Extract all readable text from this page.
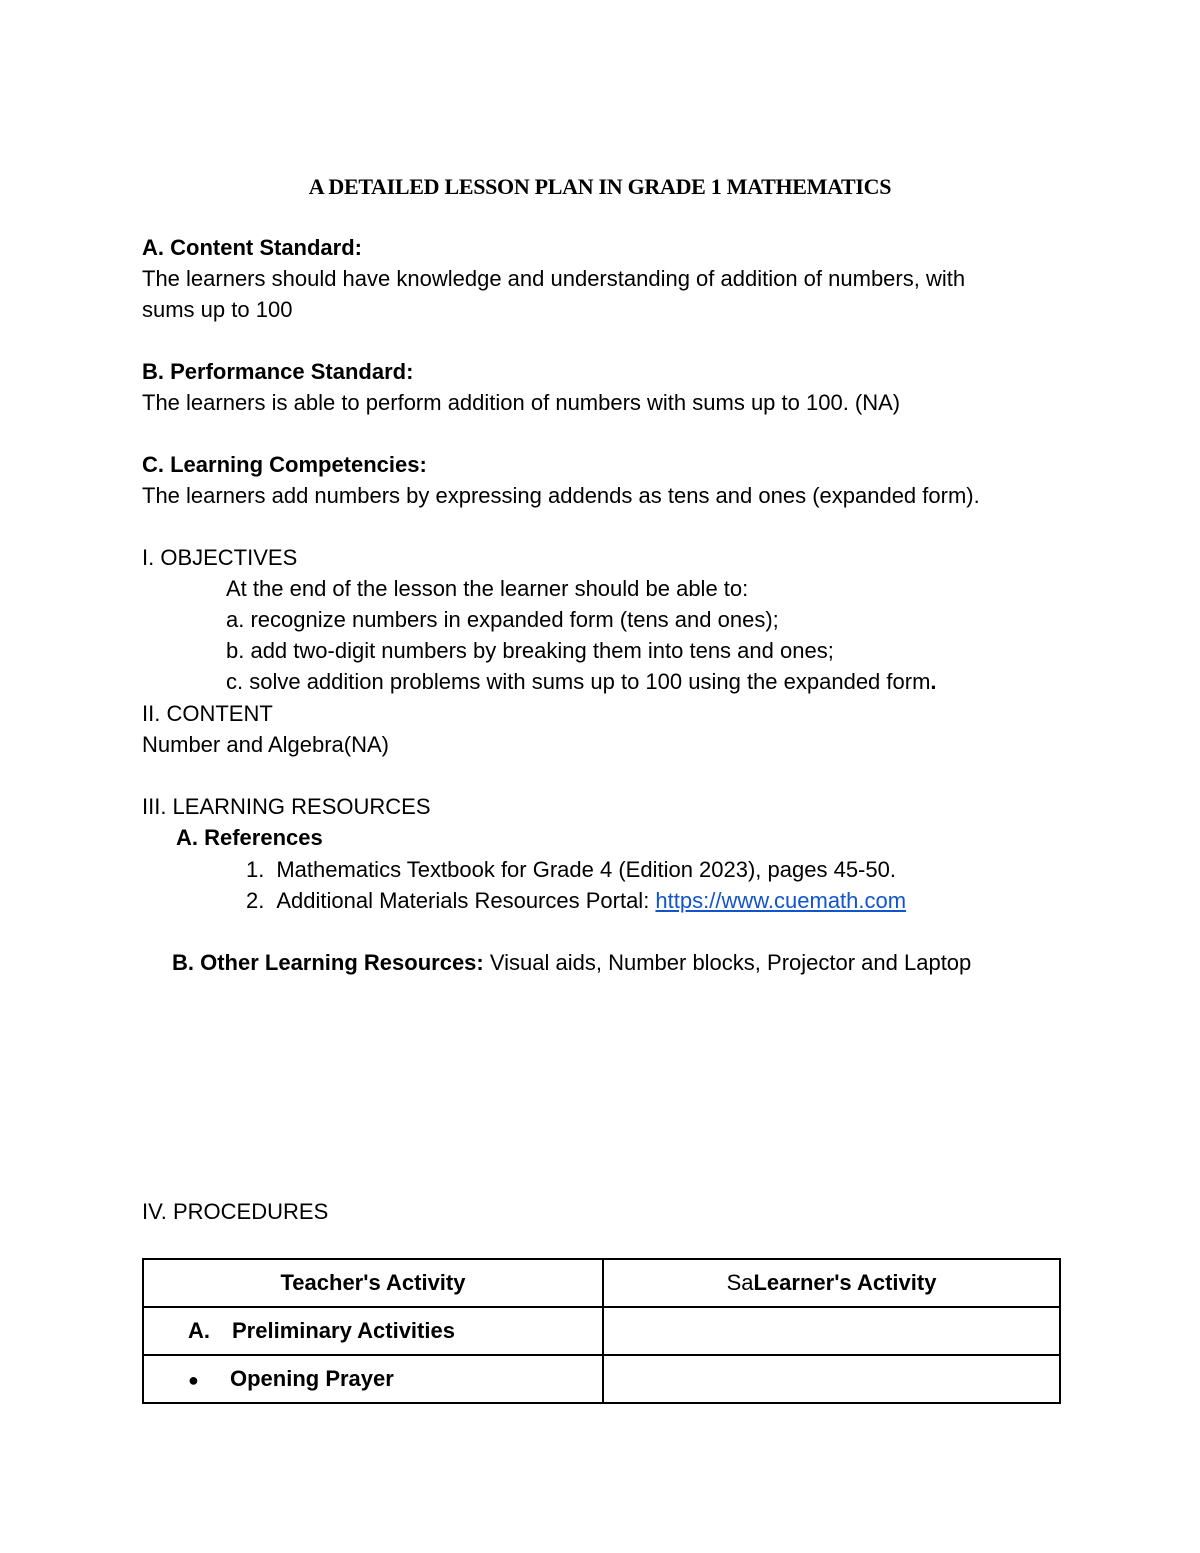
A DETAILED LESSON PLAN IN GRADE 1 MATHEMATICS
A. Content Standard:
The learners should have knowledge and understanding of addition of numbers, with
sums up to 100
B. Performance Standard:
The learners is able to perform addition of numbers with sums up to 100. (NA)
C. Learning Competencies:
The learners add numbers by expressing addends as tens and ones (expanded form).
I. OBJECTIVES
At the end of the lesson the learner should be able to:
a. recognize numbers in expanded form (tens and ones);
b. add two-digit numbers by breaking them into tens and ones;
c. solve addition problems with sums up to 100 using the expanded form.
II. CONTENT
Number and Algebra(NA)
III. LEARNING RESOURCES
A. References
1. Mathematics Textbook for Grade 4 (Edition 2023), pages 45-50.
2. Additional Materials Resources Portal: https://www.cuemath.com
B. Other Learning Resources: Visual aids, Number blocks, Projector and Laptop
IV. PROCEDURES
Teacher's Activity	SaLearner's Activity
A. Preliminary Activities	
● Opening Prayer	
